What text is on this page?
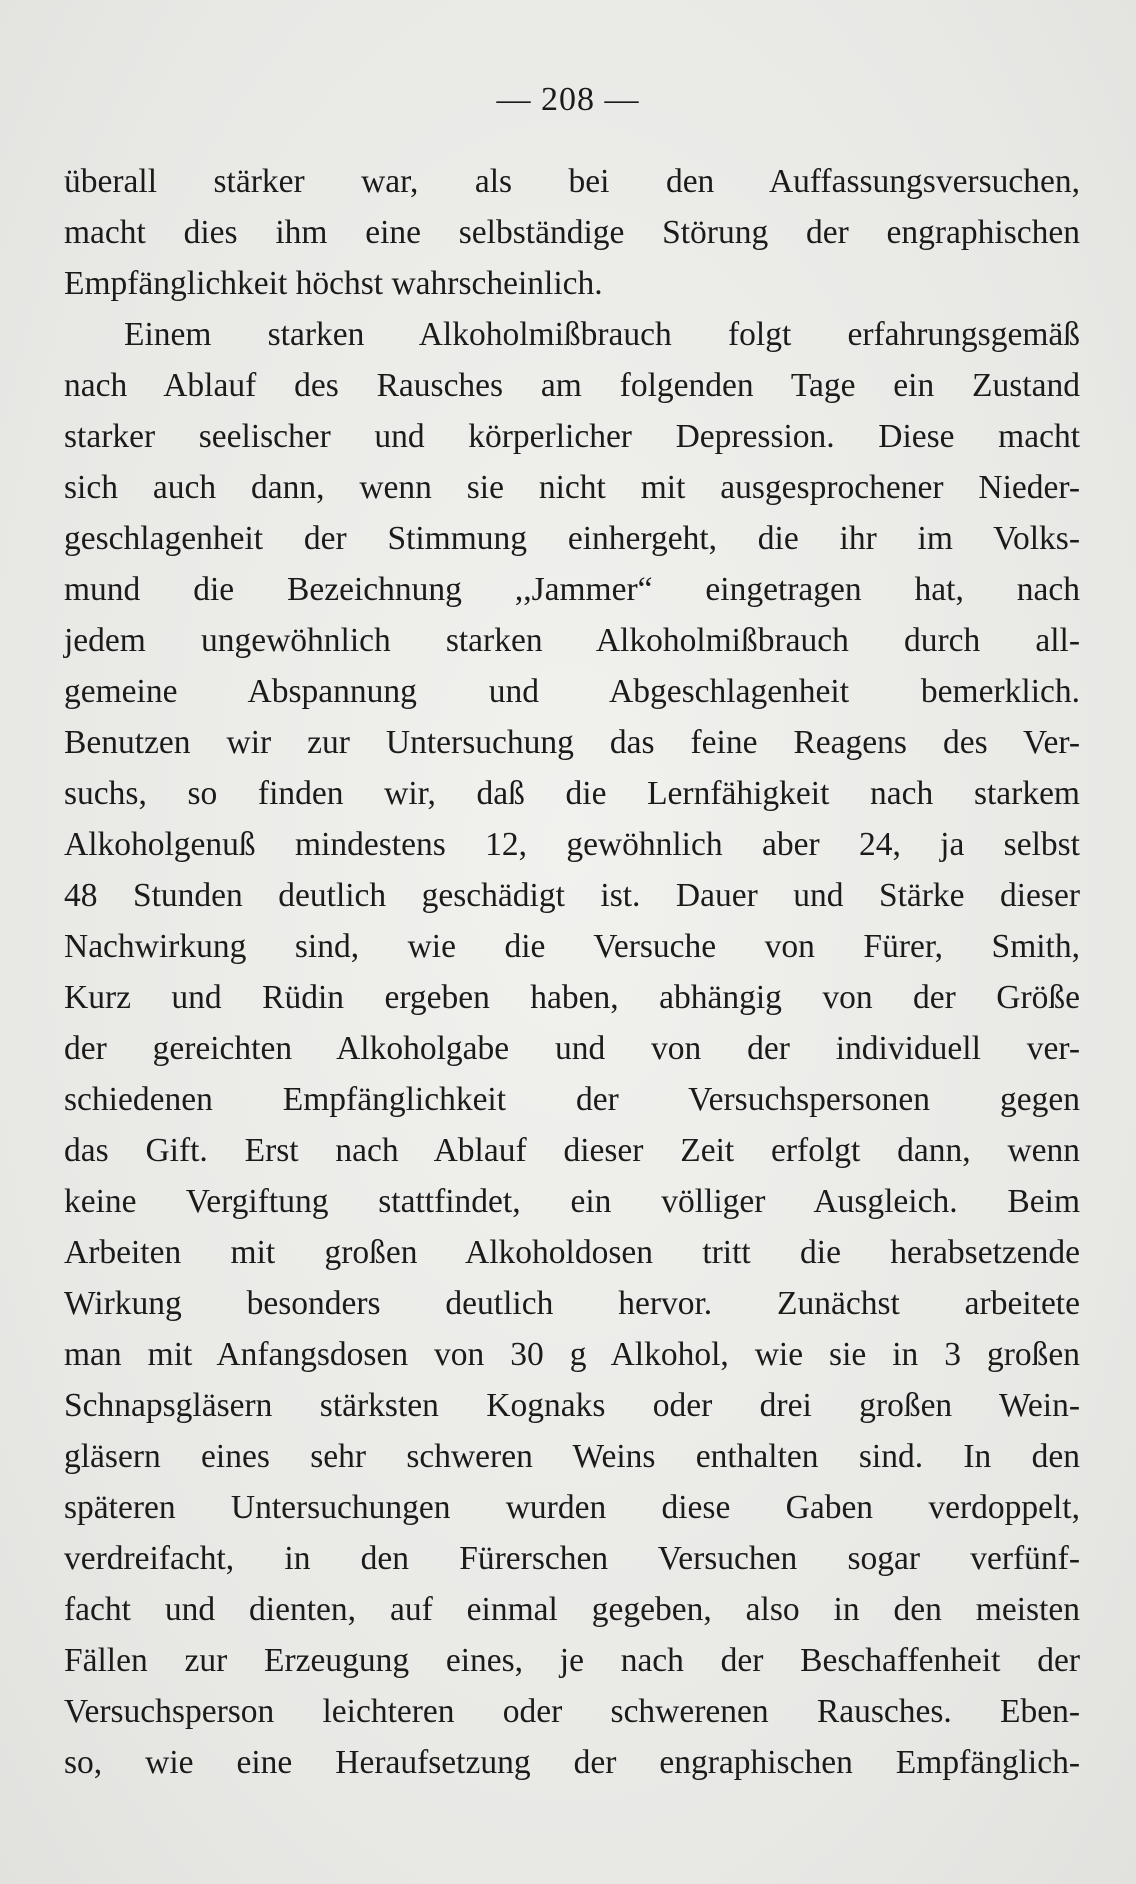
— 208 —
überall stärker war, als bei den Auffassungsversuchen,
macht dies ihm eine selbständige Störung der engraphischen
Empfänglichkeit höchst wahrscheinlich.
Einem starken Alkoholmißbrauch folgt erfahrungsgemäß
nach Ablauf des Rausches am folgenden Tage ein Zustand
starker seelischer und körperlicher Depression. Diese macht
sich auch dann, wenn sie nicht mit ausgesprochener Nieder-
geschlagenheit der Stimmung einhergeht, die ihr im Volks-
mund die Bezeichnung ,,Jammer“ eingetragen hat, nach
jedem ungewöhnlich starken Alkoholmißbrauch durch all-
gemeine Abspannung und Abgeschlagenheit bemerklich.
Benutzen wir zur Untersuchung das feine Reagens des Ver-
suchs, so finden wir, daß die Lernfähigkeit nach starkem
Alkoholgenuß mindestens 12, gewöhnlich aber 24, ja selbst
48 Stunden deutlich geschädigt ist. Dauer und Stärke dieser
Nachwirkung sind, wie die Versuche von Fürer, Smith,
Kurz und Rüdin ergeben haben, abhängig von der Größe
der gereichten Alkoholgabe und von der individuell ver-
schiedenen Empfänglichkeit der Versuchspersonen gegen
das Gift. Erst nach Ablauf dieser Zeit erfolgt dann, wenn
keine Vergiftung stattfindet, ein völliger Ausgleich. Beim
Arbeiten mit großen Alkoholdosen tritt die herabsetzende
Wirkung besonders deutlich hervor. Zunächst arbeitete
man mit Anfangsdosen von 30 g Alkohol, wie sie in 3 großen
Schnapsgläsern stärksten Kognaks oder drei großen Wein-
gläsern eines sehr schweren Weins enthalten sind. In den
späteren Untersuchungen wurden diese Gaben verdoppelt,
verdreifacht, in den Fürerschen Versuchen sogar verfünf-
facht und dienten, auf einmal gegeben, also in den meisten
Fällen zur Erzeugung eines, je nach der Beschaffenheit der
Versuchsperson leichteren oder schwerenen Rausches. Eben-
so, wie eine Heraufsetzung der engraphischen Empfänglich-
